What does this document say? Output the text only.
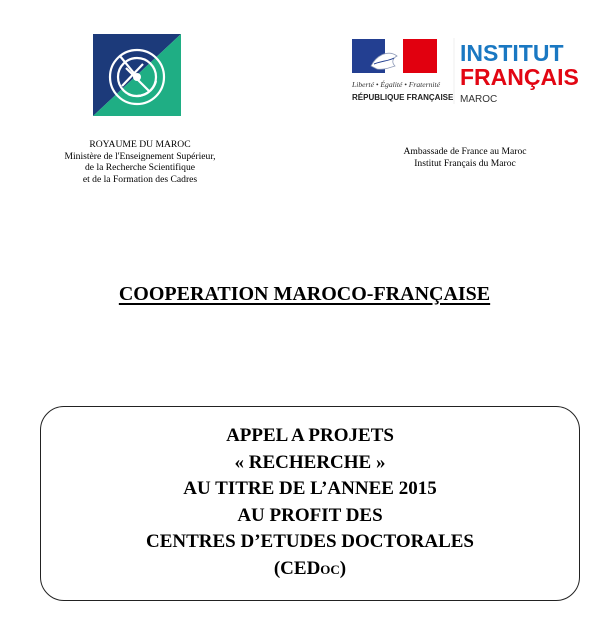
Liberté • Égalité • Fraternité
RÉPUBLIQUE FRANÇAISE
INSTITUT
FRANÇAIS
MAROC
ROYAUME DU MAROC
Ministère de l'Enseignement Supérieur,
de la Recherche Scientifique
et de la Formation des Cadres
Ambassade de France au Maroc
Institut Français du Maroc
COOPERATION MAROCO-FRANÇAISE
APPEL A PROJETS
« RECHERCHE »
AU TITRE DE L’ANNEE 2015
AU PROFIT DES
CENTRES D’ETUDES DOCTORALES
(CEDoc)
